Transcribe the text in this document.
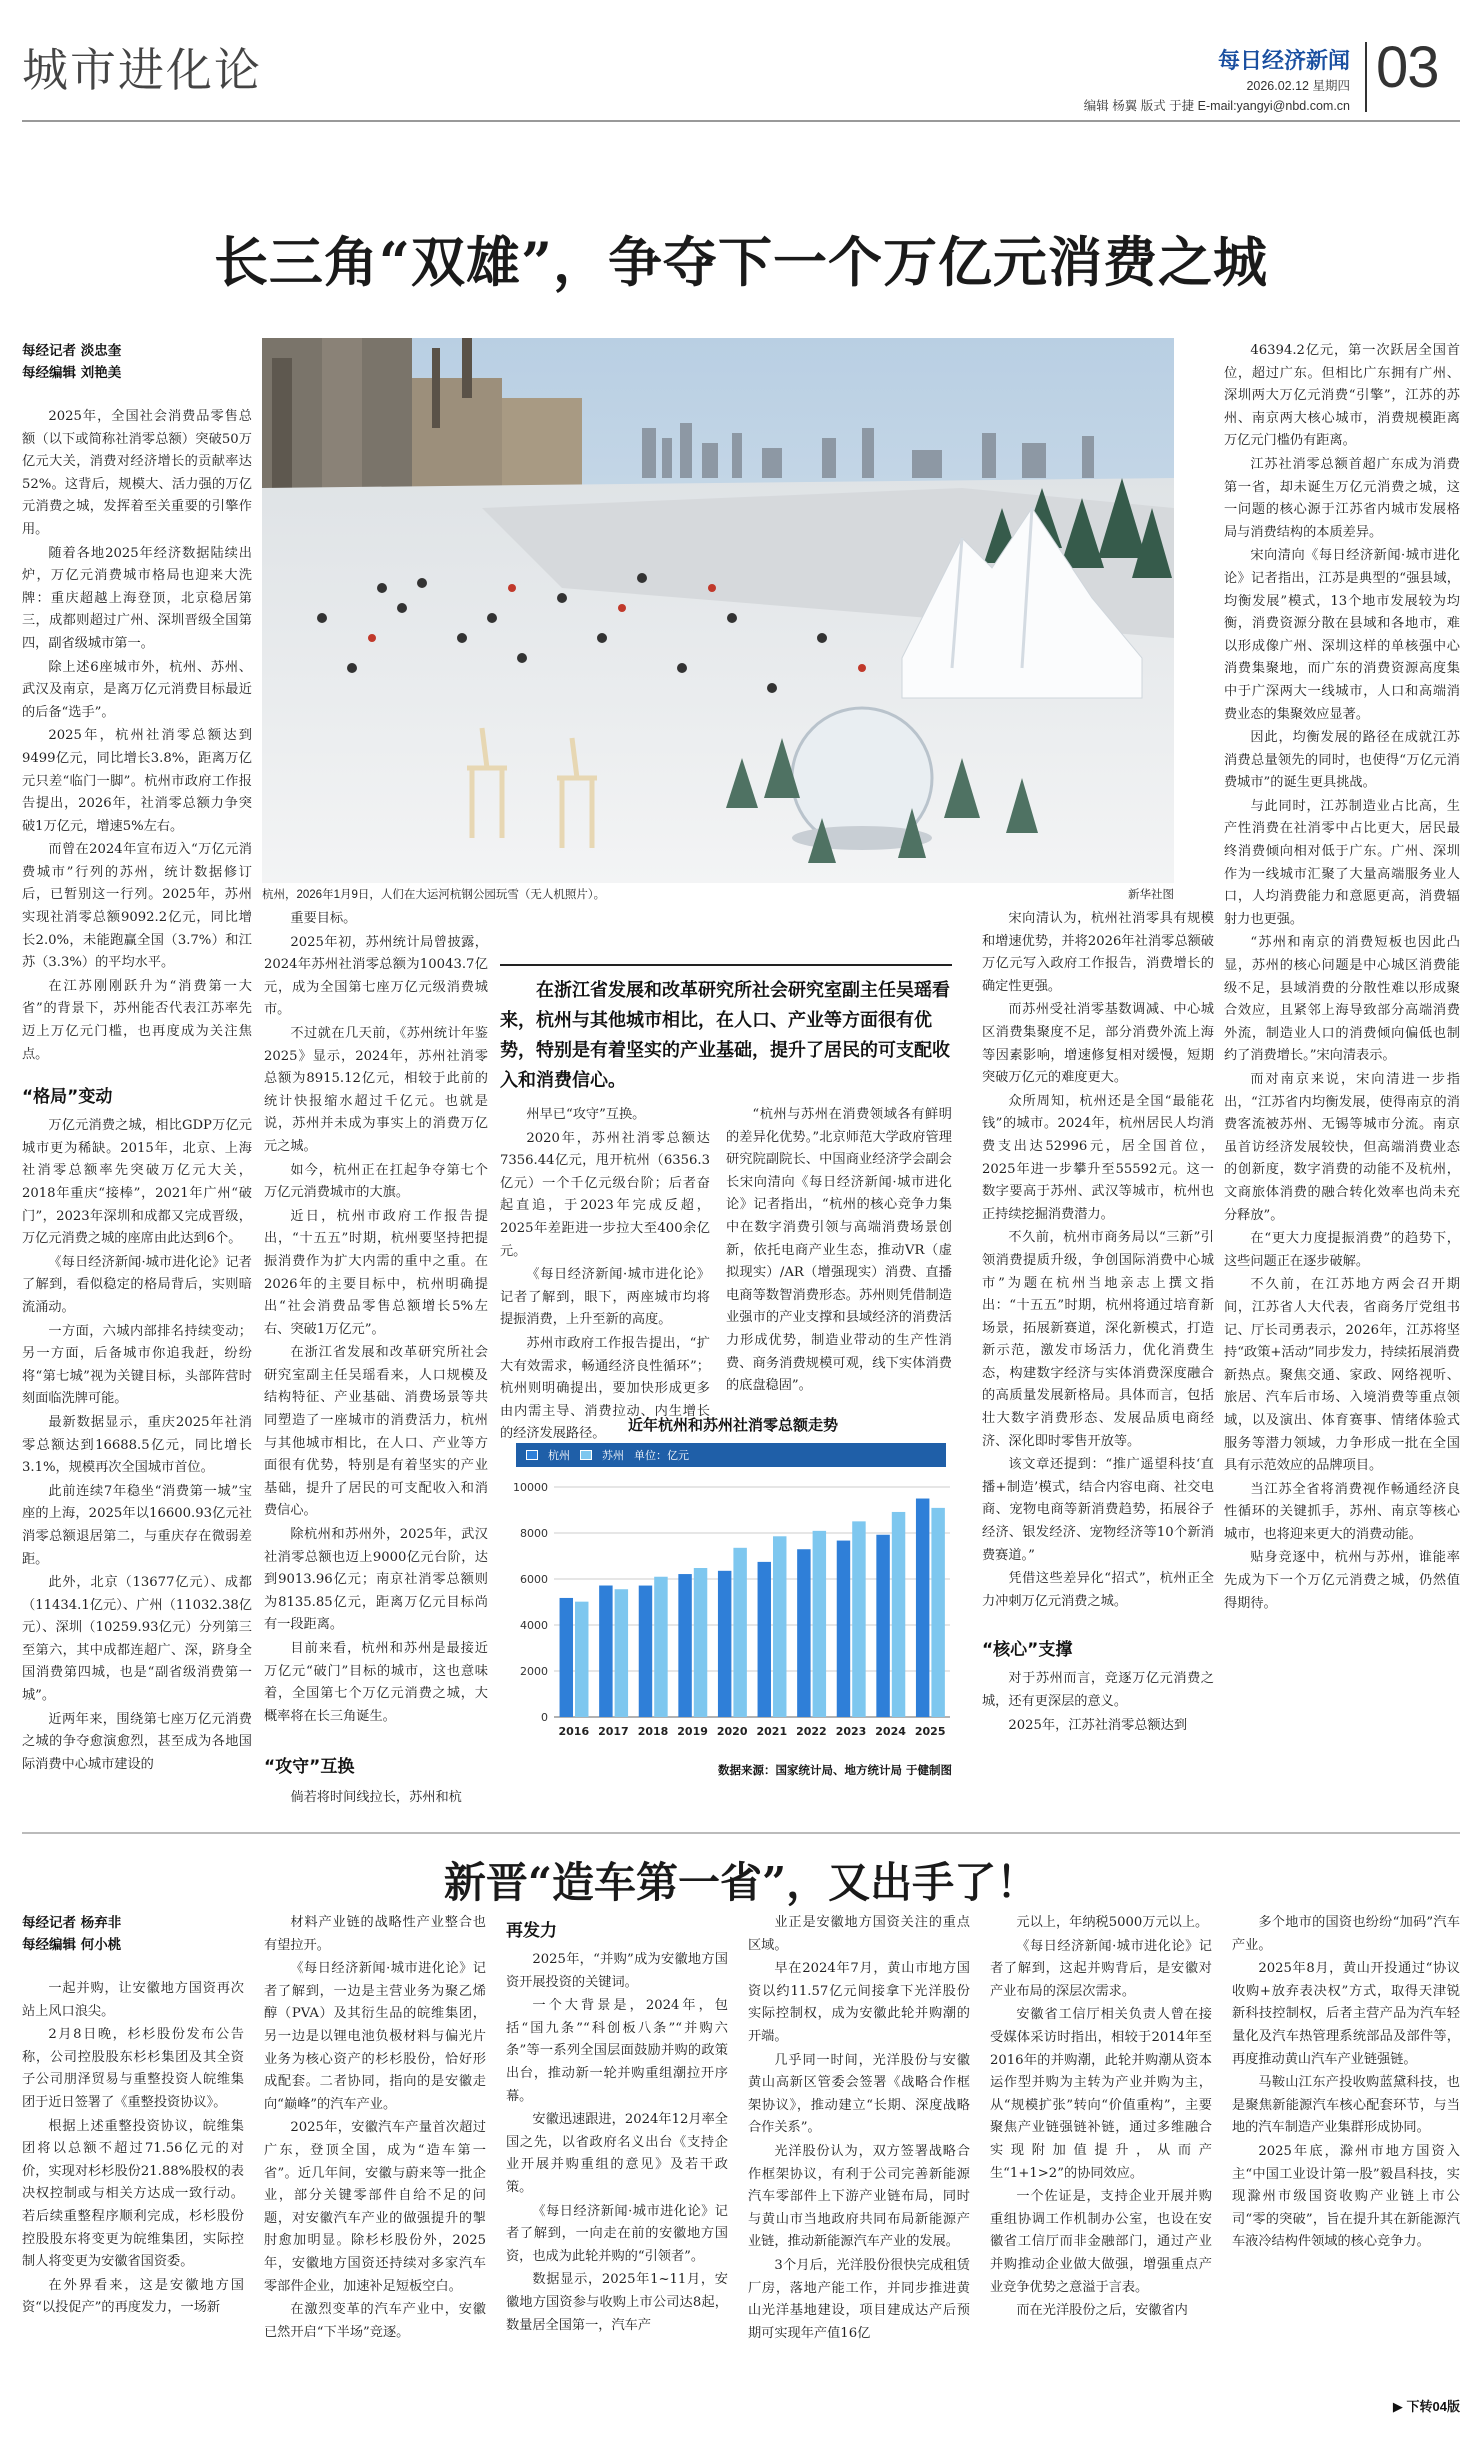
城市进化论	每日经济新闻
2026.02.12 星期四
编辑 杨翼 版式 于捷 E-mail:yangyi@nbd.com.cn
03
长三角“双雄”，争夺下一个万亿元消费之城
每经记者 淡忠奎
每经编辑 刘艳美

2025年，全国社会消费品零售总额（以下或简称社消零总额）突破50万亿元大关，消费对经济增长的贡献率达52%。这背后，规模大、活力强的万亿元消费之城，发挥着至关重要的引擎作用。

随着各地2025年经济数据陆续出炉，万亿元消费城市格局也迎来大洗牌：重庆超越上海登顶，北京稳居第三，成都则超过广州、深圳晋级全国第四，副省级城市第一。

除上述6座城市外，杭州、苏州、武汉及南京，是离万亿元消费目标最近的后备“选手”。

2025年，杭州社消零总额达到9499亿元，同比增长3.8%，距离万亿元只差“临门一脚”。杭州市政府工作报告提出，2026年，社消零总额力争突破1万亿元，增速5%左右。

而曾在2024年宣布迈入“万亿元消费城市”行列的苏州，统计数据修订后，已暂别这一行列。2025年，苏州实现社消零总额9092.2亿元，同比增长2.0%，未能跑赢全国（3.7%）和江苏（3.3%）的平均水平。

在江苏刚刚跃升为“消费第一大省”的背景下，苏州能否代表江苏率先迈上万亿元门槛，也再度成为关注焦点。

“格局”变动

万亿元消费之城，相比GDP万亿元城市更为稀缺。2015年，北京、上海社消零总额率先突破万亿元大关，2018年重庆“接棒”，2021年广州“破门”，2023年深圳和成都又完成晋级，万亿元消费之城的座席由此达到6个。

《每日经济新闻·城市进化论》记者了解到，看似稳定的格局背后，实则暗流涌动。

一方面，六城内部排名持续变动；另一方面，后备城市你追我赶，纷纷将“第七城”视为关键目标，头部阵营时刻面临洗牌可能。

最新数据显示，重庆2025年社消零总额达到16688.5亿元，同比增长3.1%，规模再次全国城市首位。

此前连续7年稳坐“消费第一城”宝座的上海，2025年以16600.93亿元社消零总额退居第二，与重庆存在微弱差距。

此外，北京（13677亿元）、成都（11434.1亿元）、广州（11032.38亿元）、深圳（10259.93亿元）分列第三至第六，其中成都连超广、深，跻身全国消费第四城，也是“副省级消费第一城”。

近两年来，围绕第七座万亿元消费之城的争夺愈演愈烈，甚至成为各地国际消费中心城市建设的

杭州，2026年1月9日，人们在大运河杭钢公园玩雪（无人机照片）。	新华社图

重要目标。

2025年初，苏州统计局曾披露，2024年苏州社消零总额为10043.7亿元，成为全国第七座万亿元级消费城市。

不过就在几天前，《苏州统计年鉴2025》显示，2024年，苏州社消零总额为8915.12亿元，相较于此前的统计快报缩水超过千亿元。也就是说，苏州并未成为事实上的消费万亿元之城。

如今，杭州正在扛起争夺第七个万亿元消费城市的大旗。

近日，杭州市政府工作报告提出，“十五五”时期，杭州要坚持把提振消费作为扩大内需的重中之重。在2026年的主要目标中，杭州明确提出“社会消费品零售总额增长5%左右、突破1万亿元”。

在浙江省发展和改革研究所社会研究室副主任吴瑶看来，人口规模及结构特征、产业基础、消费场景等共同塑造了一座城市的消费活力，杭州与其他城市相比，在人口、产业等方面很有优势，特别是有着坚实的产业基础，提升了居民的可支配收入和消费信心。

除杭州和苏州外，2025年，武汉社消零总额也迈上9000亿元台阶，达到9013.96亿元；南京社消零总额则为8135.85亿元，距离万亿元目标尚有一段距离。

目前来看，杭州和苏州是最接近万亿元“破门”目标的城市，这也意味着，全国第七个万亿元消费之城，大概率将在长三角诞生。

“攻守”互换

倘若将时间线拉长，苏州和杭

在浙江省发展和改革研究所社会研究室副主任吴瑶看来，杭州与其他城市相比，在人口、产业等方面很有优势，特别是有着坚实的产业基础，提升了居民的可支配收入和消费信心。

州早已“攻守”互换。

2020年，苏州社消零总额达7356.44亿元，甩开杭州（6356.3亿元）一个千亿元级台阶；后者奋起直追，于2023年完成反超，2025年差距进一步拉大至400余亿元。

《每日经济新闻·城市进化论》记者了解到，眼下，两座城市均将提振消费，上升至新的高度。

苏州市政府工作报告提出，“扩大有效需求，畅通经济良性循环”；杭州则明确提出，要加快形成更多由内需主导、消费拉动、内生增长的经济发展路径。

“杭州与苏州在消费领域各有鲜明的差异化优势。”北京师范大学政府管理研究院副院长、中国商业经济学会副会长宋向清向《每日经济新闻·城市进化论》记者指出，“杭州的核心竞争力集中在数字消费引领与高端消费场景创新，依托电商产业生态，推动VR（虚拟现实）/AR（增强现实）消费、直播电商等数智消费形态。苏州则凭借制造业强市的产业支撑和县域经济的消费活力形成优势，制造业带动的生产性消费、商务消费规模可观，线下实体消费的底盘稳固”。

近年杭州和苏州社消零总额走势
杭州	苏州 单位：亿元
0
2000
4000
6000
8000
10000
2016 2017 2018 2019 2020 2021 2022 2023 2024 2025
数据来源：国家统计局、地方统计局 于健制图

宋向清认为，杭州社消零具有规模和增速优势，并将2026年社消零总额破万亿元写入政府工作报告，消费增长的确定性更强。

而苏州受社消零基数调减、中心城区消费集聚度不足，部分消费外流上海等因素影响，增速修复相对缓慢，短期突破万亿元的难度更大。

众所周知，杭州还是全国“最能花钱”的城市。2024年，杭州居民人均消费支出达52996元，居全国首位，2025年进一步攀升至55592元。这一数字要高于苏州、武汉等城市，杭州也正持续挖掘消费潜力。

不久前，杭州市商务局以“三新”引领消费提质升级，争创国际消费中心城市”为题在杭州当地亲志上撰文指出：“十五五”时期，杭州将通过培育新场景，拓展新赛道，深化新模式，打造新示范，激发市场活力，优化消费生态，构建数字经济与实体消费深度融合的高质量发展新格局。具体而言，包括壮大数字消费形态、发展品质电商经济、深化即时零售开放等。

该文章还提到：“推广遥望科技‘直播+制造’模式，结合内容电商、社交电商、宠物电商等新消费趋势，拓展谷子经济、银发经济、宠物经济等10个新消费赛道。”

凭借这些差异化“招式”，杭州正全力冲刺万亿元消费之城。

“核心”支撑

对于苏州而言，竞逐万亿元消费之城，还有更深层的意义。

2025年，江苏社消零总额达到

46394.2亿元，第一次跃居全国首位，超过广东。但相比广东拥有广州、深圳两大万亿元消费“引擎”，江苏的苏州、南京两大核心城市，消费规模距离万亿元门槛仍有距离。

江苏社消零总额首超广东成为消费第一省，却未诞生万亿元消费之城，这一问题的核心源于江苏省内城市发展格局与消费结构的本质差异。

宋向清向《每日经济新闻·城市进化论》记者指出，江苏是典型的“强县域，均衡发展”模式，13个地市发展较为均衡，消费资源分散在县域和各地市，难以形成像广州、深圳这样的单核强中心消费集聚地，而广东的消费资源高度集中于广深两大一线城市，人口和高端消费业态的集聚效应显著。

因此，均衡发展的路径在成就江苏消费总量领先的同时，也使得“万亿元消费城市”的诞生更具挑战。

与此同时，江苏制造业占比高，生产性消费在社消零中占比更大，居民最终消费倾向相对低于广东。广州、深圳作为一线城市汇聚了大量高端服务业人口，人均消费能力和意愿更高，消费辐射力也更强。

“苏州和南京的消费短板也因此凸显，苏州的核心问题是中心城区消费能级不足，县域消费的分散性难以形成聚合效应，且紧邻上海导致部分高端消费外流，制造业人口的消费倾向偏低也制约了消费增长。”宋向清表示。

而对南京来说，宋向清进一步指出，“江苏省内均衡发展，使得南京的消费客流被苏州、无锡等城市分流。南京虽首访经济发展较快，但高端消费业态的创新度，数字消费的动能不及杭州，文商旅体消费的融合转化效率也尚未充分释放”。

在“更大力度提振消费”的趋势下，这些问题正在逐步破解。

不久前，在江苏地方两会召开期间，江苏省人大代表，省商务厅党组书记、厅长司勇表示，2026年，江苏将坚持“政策+活动”同步发力，持续拓展消费新热点。聚焦交通、家政、网络视听、旅居、汽车后市场、入境消费等重点领域，以及演出、体育赛事、情绪体验式服务等潜力领域，力争形成一批在全国具有示范效应的品牌项目。

当江苏全省将消费视作畅通经济良性循环的关键抓手，苏州、南京等核心城市，也将迎来更大的消费动能。

贴身竞逐中，杭州与苏州，谁能率先成为下一个万亿元消费之城，仍然值得期待。

新晋“造车第一省”，又出手了！
每经记者 杨弃非
每经编辑 何小桃

一起并购，让安徽地方国资再次站上风口浪尖。

2月8日晚，杉杉股份发布公告称，公司控股股东杉杉集团及其全资子公司朋泽贸易与重整投资人皖维集团于近日签署了《重整投资协议》。

根据上述重整投资协议，皖维集团将以总额不超过71.56亿元的对价，实现对杉杉股份21.88%股权的表决权控制或与相关方达成一致行动。若后续重整程序顺利完成，杉杉股份控股股东将变更为皖维集团，实际控制人将变更为安徽省国资委。

在外界看来，这是安徽地方国资“以投促产”的再度发力，一场新

材料产业链的战略性产业整合也有望拉开。

《每日经济新闻·城市进化论》记者了解到，一边是主营业务为聚乙烯醇（PVA）及其衍生品的皖维集团，另一边是以锂电池负极材料与偏光片业务为核心资产的杉杉股份，恰好形成配套。二者协同，指向的是安徽走向“巅峰”的汽车产业。

2025年，安徽汽车产量首次超过广东，登顶全国，成为“造车第一省”。近几年间，安徽与蔚来等一批企业，部分关键零部件自给不足的问题，对安徽汽车产业的做强提升的掣肘愈加明显。除杉杉股份外，2025年，安徽地方国资还持续对多家汽车零部件企业，加速补足短板空白。

在激烈变革的汽车产业中，安徽已然开启“下半场”竞逐。

再发力

2025年，“并购”成为安徽地方国资开展投资的关键词。

一个大背景是，2024年，包括“国九条”“科创板八条”“并购六条”等一系列全国层面鼓励并购的政策出台，推动新一轮并购重组潮拉开序幕。

安徽迅速跟进，2024年12月率全国之先，以省政府名义出台《支持企业开展并购重组的意见》及若干政策。

《每日经济新闻·城市进化论》记者了解到，一向走在前的安徽地方国资，也成为此轮并购的“引领者”。

数据显示，2025年1~11月，安徽地方国资参与收购上市公司达8起，数量居全国第一，汽车产

业正是安徽地方国资关注的重点区域。

早在2024年7月，黄山市地方国资以约11.57亿元间接拿下光洋股份实际控制权，成为安徽此轮并购潮的开端。

几乎同一时间，光洋股份与安徽黄山高新区管委会签署《战略合作框架协议》，推动建立“长期、深度战略合作关系”。

光洋股份认为，双方签署战略合作框架协议，有利于公司完善新能源汽车零部件上下游产业链布局，同时与黄山市当地政府共同布局新能源产业链，推动新能源汽车产业的发展。

3个月后，光洋股份很快完成租赁厂房，落地产能工作，并同步推进黄山光洋基地建设，项目建成达产后预期可实现年产值16亿

元以上，年纳税5000万元以上。

《每日经济新闻·城市进化论》记者了解到，这起并购背后，是安徽对产业布局的深层次需求。

安徽省工信厅相关负责人曾在接受媒体采访时指出，相较于2014年至2016年的并购潮，此轮并购潮从资本运作型并购为主转为产业并购为主，从“规模扩张”转向“价值重构”，主要聚焦产业链强链补链，通过多维融合实现附加值提升，从而产生“1+1>2”的协同效应。

一个佐证是，支持企业开展并购重组协调工作机制办公室，也设在安徽省工信厅而非金融部门，通过产业并购推动企业做大做强，增强重点产业竞争优势之意溢于言表。

而在光洋股份之后，安徽省内

多个地市的国资也纷纷“加码”汽车产业。

2025年8月，黄山开投通过“协议收购+放弃表决权”方式，取得天津锐新科技控制权，后者主营产品为汽车轻量化及汽车热管理系统部品及部件等，再度推动黄山汽车产业链强链。

马鞍山江东产投收购蓝黛科技，也是聚焦新能源汽车核心配套环节，与当地的汽车制造产业集群形成协同。

2025年底，滁州市地方国资入主“中国工业设计第一股”毅昌科技，实现滁州市级国资收购产业链上市公司“零的突破”，旨在提升其在新能源汽车液冷结构件领域的核心竞争力。

▶ 下转04版
